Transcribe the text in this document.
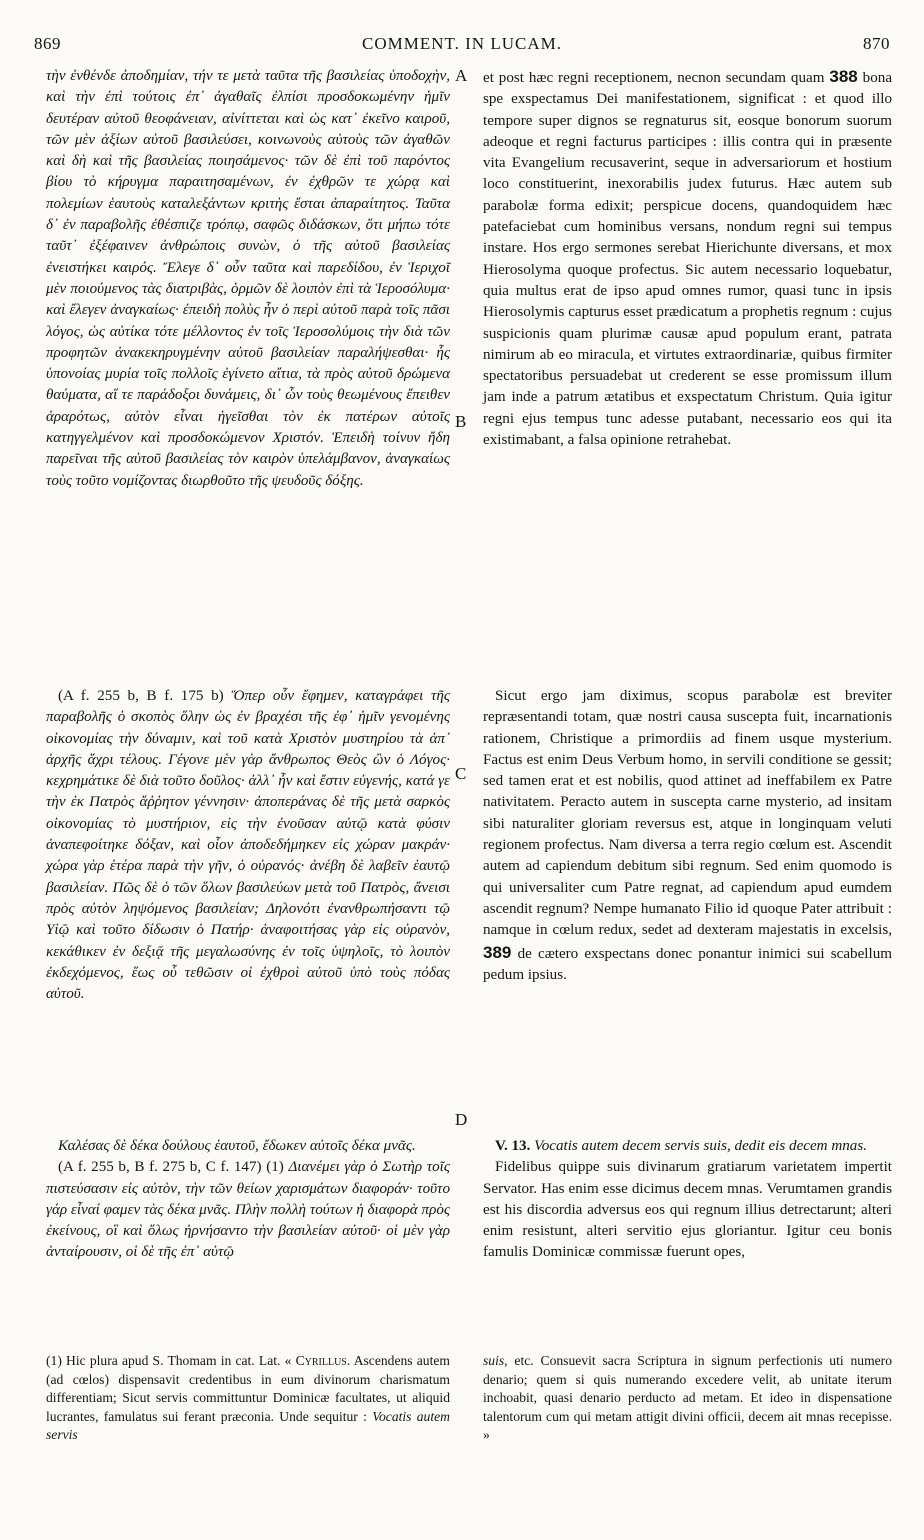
869	COMMENT. IN LUCAM.	870
A
B
C
D

τὴν ἐνθένδε ἀποδημίαν, τήν τε μετὰ ταῦτα τῆς βασιλείας ὑποδοχὴν, καὶ τὴν ἐπὶ τούτοις ἐπ᾽ ἀγαθαῖς ἐλπίσι προσδοκωμένην ἡμῖν δευτέραν αὐτοῦ θεοφάνειαν, αἰνίττεται καὶ ὡς κατ᾽ ἐκεῖνο καιροῦ, τῶν μὲν ἀξίων αὐτοῦ βασιλεύσει, κοινωνοὺς αὐτοὺς τῶν ἀγαθῶν καὶ δὴ καὶ τῆς βασιλείας ποιησάμενος· τῶν δὲ ἐπὶ τοῦ παρόντος βίου τὸ κήρυγμα παραιτησαμένων, ἐν ἐχθρῶν τε χώρᾳ καὶ πολεμίων ἑαυτοὺς καταλεξάντων κριτὴς ἔσται ἀπαραίτητος. Ταῦτα δ᾽ ἐν παραβολῆς ἐθέσπιζε τρόπῳ, σαφῶς διδάσκων, ὅτι μήπω τότε ταῦτ᾽ ἐξέφαινεν ἀνθρώποις συνὼν, ὁ τῆς αὐτοῦ βασιλείας ἐνειστήκει καιρός. Ἔλεγε δ᾽ οὖν ταῦτα καὶ παρεδίδου, ἐν Ἱεριχοῖ μὲν ποιούμενος τὰς διατριβὰς, ὁρμῶν δὲ λοιπὸν ἐπὶ τὰ Ἱεροσόλυμα· καὶ ἔλεγεν ἀναγκαίως· ἐπειδὴ πολὺς ἦν ὁ περὶ αὐτοῦ παρὰ τοῖς πᾶσι λόγος, ὡς αὐτίκα τότε μέλλοντος ἐν τοῖς Ἱεροσολύμοις τὴν διὰ τῶν προφητῶν ἀνακεκηρυγμένην αὐτοῦ βασιλείαν παραλήψεσθαι· ἧς ὑπονοίας μυρία τοῖς πολλοῖς ἐγίνετο αἴτια, τὰ πρὸς αὐτοῦ δρώμενα θαύματα, αἵ τε παράδοξοι δυνάμεις, δι᾽ ὧν τοὺς θεωμένους ἔπειθεν ἀραρότως, αὐτὸν εἶναι ἡγεῖσθαι τὸν ἐκ πατέρων αὐτοῖς κατηγγελμένον καὶ προσδοκώμενον Χριστόν. Ἐπειδὴ τοίνυν ἤδη παρεῖναι τῆς αὐτοῦ βασιλείας τὸν καιρὸν ὑπελάμβανον, ἀναγκαίως τοὺς τοῦτο νομίζοντας διωρθοῦτο τῆς ψευδοῦς δόξης.

(A f. 255 b, B f. 175 b) Ὅπερ οὖν ἔφημεν, καταγράφει τῆς παραβολῆς ὁ σκοπὸς ὅλην ὡς ἐν βραχέσι τῆς ἐφ᾽ ἡμῖν γενομένης οἰκονομίας τὴν δύναμιν, καὶ τοῦ κατὰ Χριστὸν μυστηρίου τὰ ἀπ᾽ ἀρχῆς ἄχρι τέλους. Γέγονε μὲν γὰρ ἄνθρωπος Θεὸς ὢν ὁ Λόγος· κεχρημάτικε δὲ διὰ τοῦτο δοῦλος· ἀλλ᾽ ἦν καὶ ἔστιν εὐγενής, κατά γε τὴν ἐκ Πατρὸς ἄῤῥητον γέννησιν· ἀποπεράνας δὲ τῆς μετὰ σαρκὸς οἰκονομίας τὸ μυστήριον, εἰς τὴν ἐνοῦσαν αὐτῷ κατὰ φύσιν ἀναπεφοίτηκε δόξαν, καὶ οἷον ἀποδεδήμηκεν εἰς χώραν μακράν· χώρα γὰρ ἑτέρα παρὰ τὴν γῆν, ὁ οὐρανός· ἀνέβη δὲ λαβεῖν ἑαυτῷ βασιλείαν. Πῶς δὲ ὁ τῶν ὅλων βασιλεύων μετὰ τοῦ Πατρὸς, ἄνεισι πρὸς αὐτὸν ληψόμενος βασιλείαν; Δηλονότι ἐνανθρωπήσαντι τῷ Υἱῷ καὶ τοῦτο δίδωσιν ὁ Πατήρ· ἀναφοιτήσας γὰρ εἰς οὐρανὸν, κεκάθικεν ἐν δεξιᾷ τῆς μεγαλωσύνης ἐν τοῖς ὑψηλοῖς, τὸ λοιπὸν ἐκδεχόμενος, ἕως οὗ τεθῶσιν οἱ ἐχθροὶ αὐτοῦ ὑπὸ τοὺς πόδας αὐτοῦ.

Καλέσας δὲ δέκα δούλους ἑαυτοῦ, ἔδωκεν αὐτοῖς δέκα μνᾶς.

(A f. 255 b, B f. 275 b, C f. 147) (1) Διανέμει γὰρ ὁ Σωτὴρ τοῖς πιστεύσασιν εἰς αὐτὸν, τὴν τῶν θείων χαρισμάτων διαφοράν· τοῦτο γάρ εἶναί φαμεν τὰς δέκα μνᾶς. Πλὴν πολλὴ τούτων ἡ διαφορὰ πρὸς ἐκείνους, οἳ καὶ ὅλως ἠρνήσαντο τὴν βασιλείαν αὐτοῦ· οἱ μὲν γὰρ ἀνταίρουσιν, οἱ δὲ τῆς ἐπ᾽ αὐτῷ

et post hæc regni receptionem, necnon secundam quam 388 bona spe exspectamus Dei manifestationem, significat : et quod illo tempore super dignos se regnaturus sit, eosque bonorum suorum adeoque et regni facturus participes : illis contra qui in præsente vita Evangelium recusaverint, seque in adversariorum et hostium loco constituerint, inexorabilis judex futurus. Hæc autem sub parabolæ forma edixit; perspicue docens, quandoquidem hæc patefaciebat cum hominibus versans, nondum regni sui tempus instare. Hos ergo sermones serebat Hierichunte diversans, et mox Hierosolyma quoque profectus. Sic autem necessario loquebatur, quia multus erat de ipso apud omnes rumor, quasi tunc in ipsis Hierosolymis capturus esset prædicatum a prophetis regnum : cujus suspicionis quam plurimæ causæ apud populum erant, patrata nimirum ab eo miracula, et virtutes extraordinariæ, quibus firmiter spectatoribus persuadebat ut crederent se esse promissum illum jam inde a patrum ætatibus et exspectatum Christum. Quia igitur regni ejus tempus tunc adesse putabant, necessario eos qui ita existimabant, a falsa opinione retrahebat.

Sicut ergo jam diximus, scopus parabolæ est breviter repræsentandi totam, quæ nostri causa suscepta fuit, incarnationis rationem, Christique a primordiis ad finem usque mysterium. Factus est enim Deus Verbum homo, in servili conditione se gessit; sed tamen erat et est nobilis, quod attinet ad ineffabilem ex Patre nativitatem. Peracto autem in suscepta carne mysterio, ad insitam sibi naturaliter gloriam reversus est, atque in longinquam veluti regionem profectus. Nam diversa a terra regio cœlum est. Ascendit autem ad capiendum debitum sibi regnum. Sed enim quomodo is qui universaliter cum Patre regnat, ad capiendum apud eumdem ascendit regnum? Nempe humanato Filio id quoque Pater attribuit : namque in cœlum redux, sedet ad dexteram majestatis in excelsis, 389 de cætero exspectans donec ponantur inimici sui scabellum pedum ipsius.

V. 13. Vocatis autem decem servis suis, dedit eis decem mnas.

Fidelibus quippe suis divinarum gratiarum varietatem impertit Servator. Has enim esse dicimus decem mnas. Verumtamen grandis est his discordia adversus eos qui regnum illius detrectarunt; alteri enim resistunt, alteri servitio ejus gloriantur. Igitur ceu bonis famulis Dominicæ commissæ fuerunt opes,

(1) Hic plura apud S. Thomam in cat. Lat. « Cyrillus. Ascendens autem (ad cœlos) dispensavit credentibus in eum divinorum charismatum differentiam; Sicut servis committuntur Dominicæ facultates, ut aliquid lucrantes, famulatus sui ferant præconia. Unde sequitur : Vocatis autem servis

suis, etc. Consuevit sacra Scriptura in signum perfectionis uti numero denario; quem si quis numerando excedere velit, ab unitate iterum inchoabit, quasi denario perducto ad metam. Et ideo in dispensatione talentorum cum qui metam attigit divini officii, decem ait mnas recepisse. »
